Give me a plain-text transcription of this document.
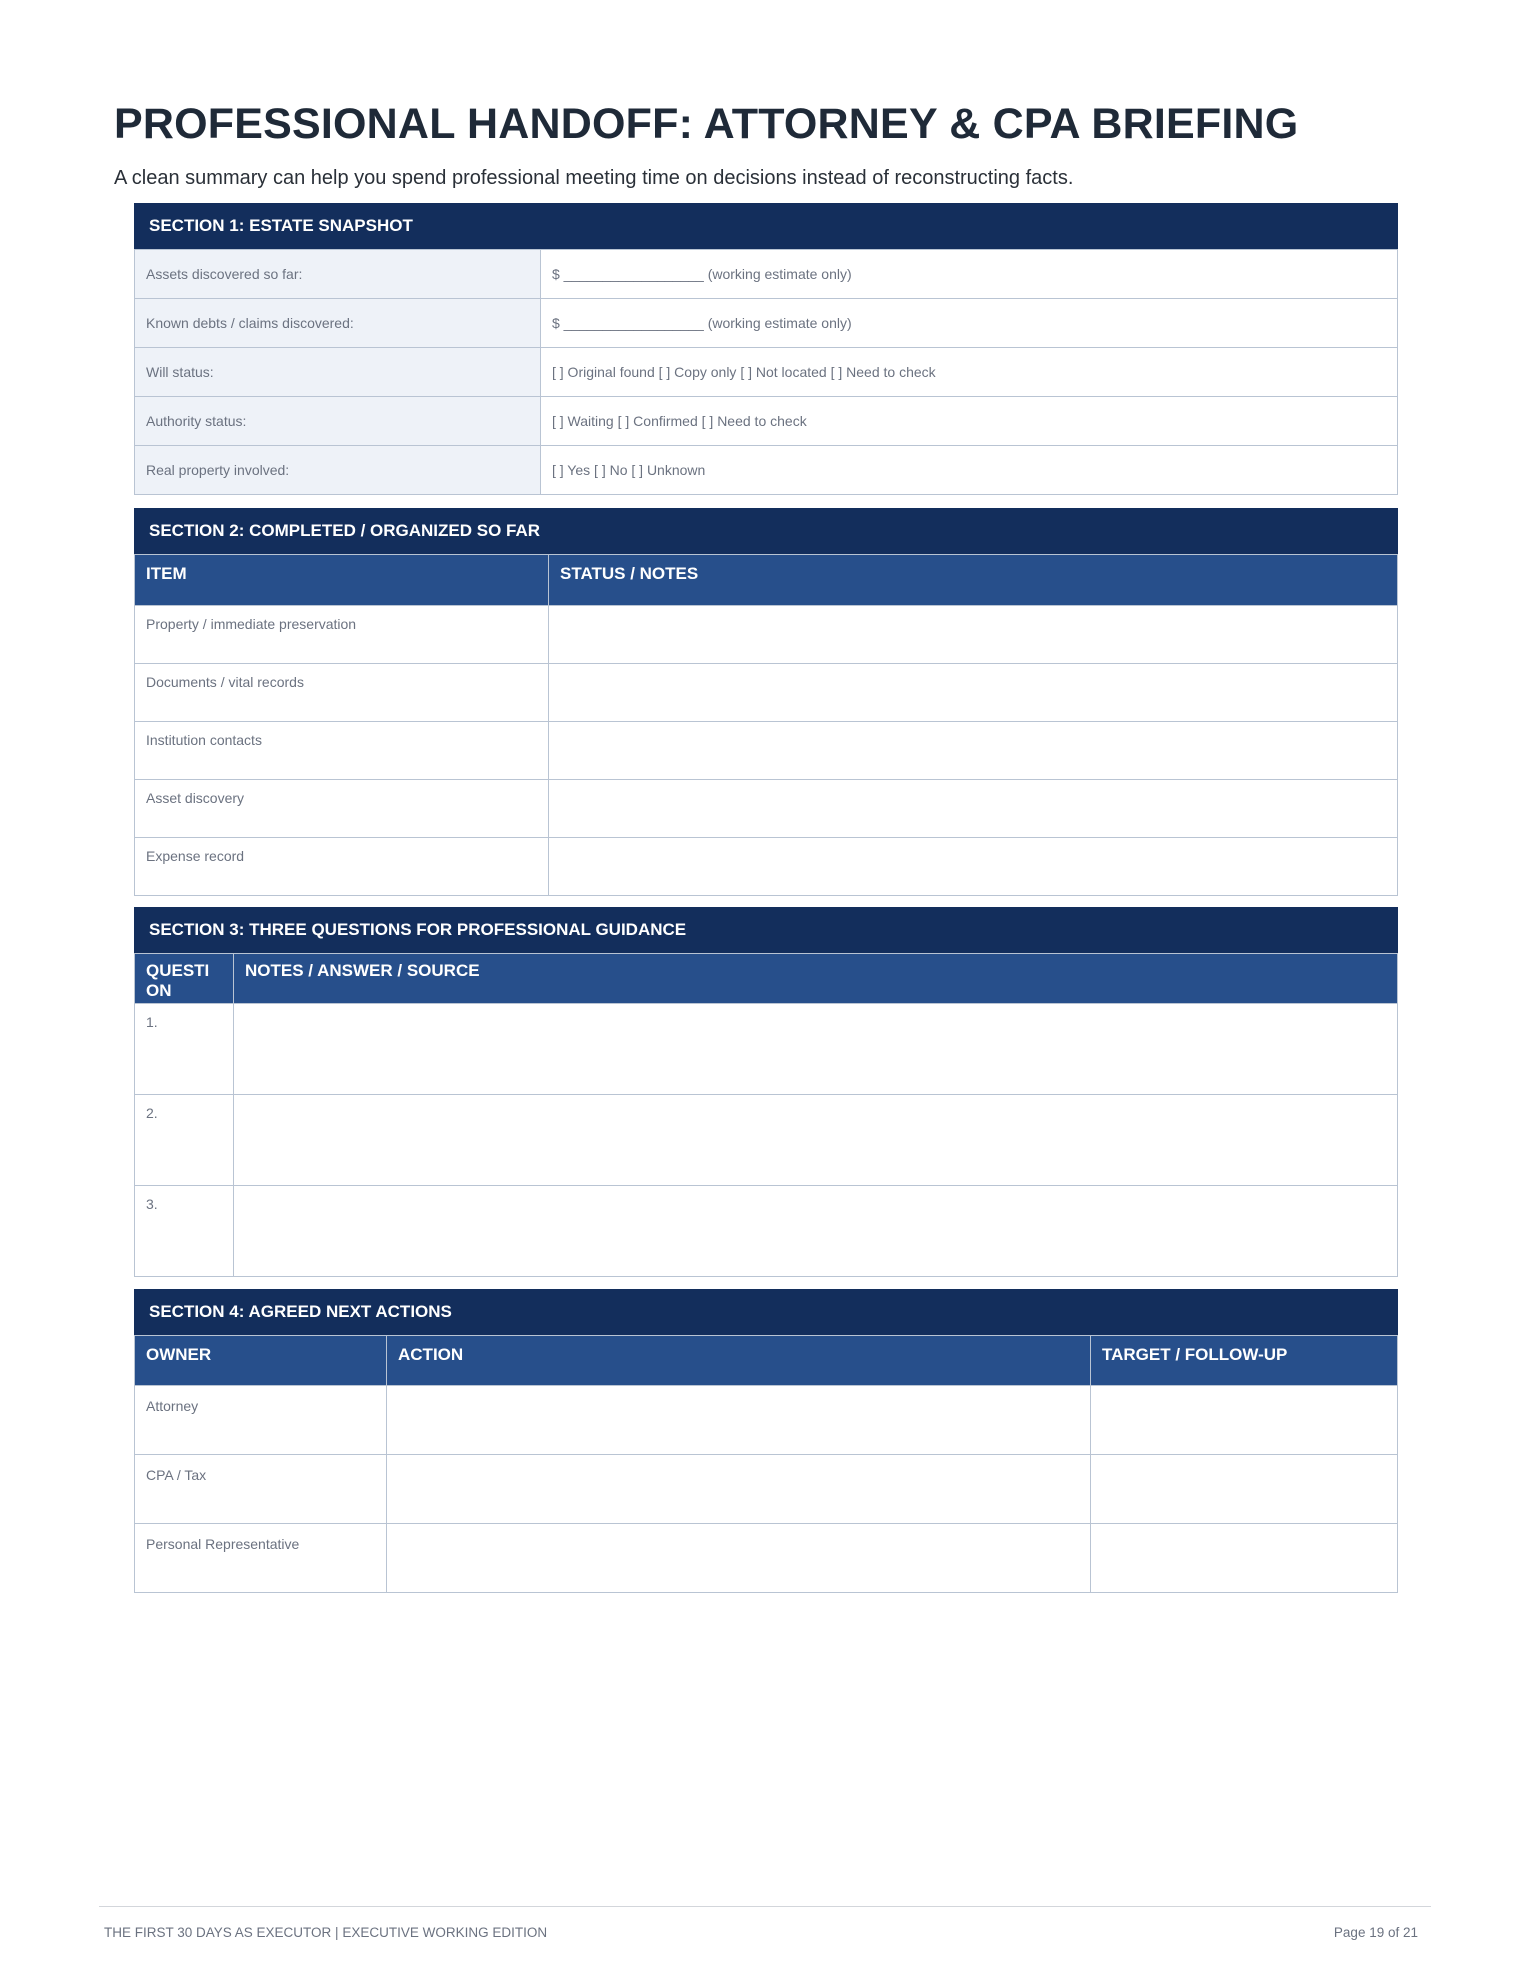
PROFESSIONAL HANDOFF: ATTORNEY & CPA BRIEFING

A clean summary can help you spend professional meeting time on decisions instead of reconstructing facts.

SECTION 1: ESTATE SNAPSHOT
Assets discovered so far:	$ __________________ (working estimate only)
Known debts / claims discovered:	$ __________________ (working estimate only)
Will status:	[ ] Original found [ ] Copy only [ ] Not located [ ] Need to check
Authority status:	[ ] Waiting [ ] Confirmed [ ] Need to check
Real property involved:	[ ] Yes [ ] No [ ] Unknown
SECTION 2: COMPLETED / ORGANIZED SO FAR
ITEM	STATUS / NOTES
Property / immediate preservation	
Documents / vital records	
Institution contacts	
Asset discovery	
Expense record	
SECTION 3: THREE QUESTIONS FOR PROFESSIONAL GUIDANCE
QUESTI ON	NOTES / ANSWER / SOURCE
1.	
2.	
3.	
SECTION 4: AGREED NEXT ACTIONS
OWNER	ACTION	TARGET / FOLLOW-UP
Attorney		
CPA / Tax		
Personal Representative		
THE FIRST 30 DAYS AS EXECUTOR | EXECUTIVE WORKING EDITION	Page 19 of 21
